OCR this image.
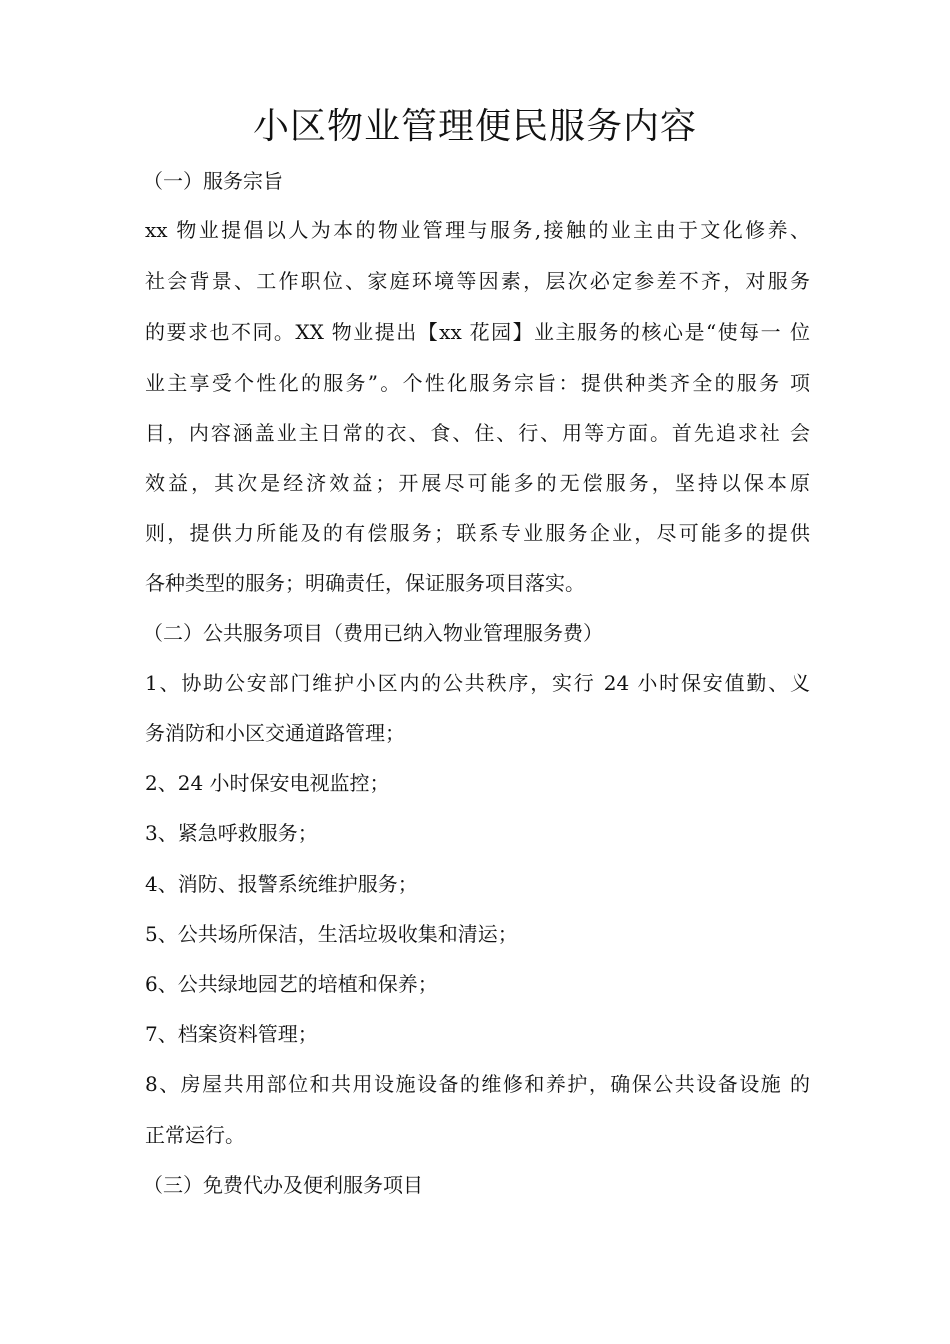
小区物业管理便民服务内容

（一）服务宗旨

xx 物业提倡以人为本的物业管理与服务,接触的业主由于文化修养、

社会背景、工作职位、家庭环境等因素，层次必定参差不齐，对服务

的要求也不同。XX 物业提出【xx 花园】业主服务的核心是“使每一 位

业主享受个性化的服务”。个性化服务宗旨：提供种类齐全的服务 项

目，内容涵盖业主日常的衣、食、住、行、用等方面。首先追求社 会

效益，其次是经济效益；开展尽可能多的无偿服务，坚持以保本原

则，提供力所能及的有偿服务；联系专业服务企业，尽可能多的提供

各种类型的服务；明确责任，保证服务项目落实。

（二）公共服务项目（费用已纳入物业管理服务费）

1、协助公安部门维护小区内的公共秩序，实行 24 小时保安值勤、义

务消防和小区交通道路管理；

2、24 小时保安电视监控；

3、紧急呼救服务；

4、消防、报警系统维护服务；

5、公共场所保洁，生活垃圾收集和清运；

6、公共绿地园艺的培植和保养；

7、档案资料管理；

8、房屋共用部位和共用设施设备的维修和养护，确保公共设备设施 的

正常运行。

（三）免费代办及便利服务项目
